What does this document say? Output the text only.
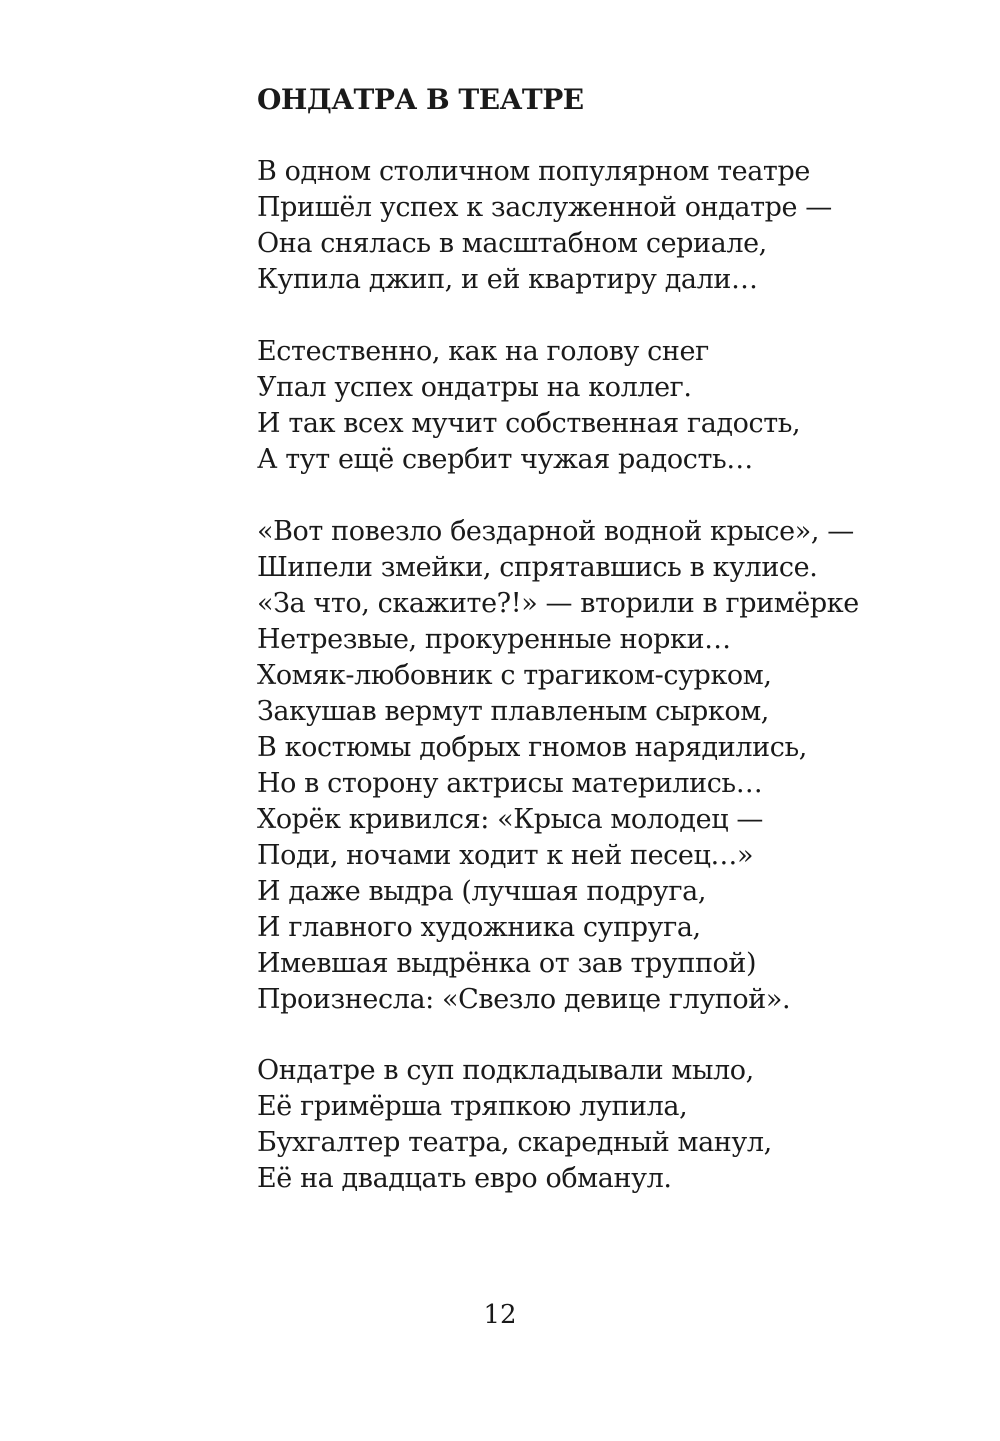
ОНДАТРА В ТЕАТРЕ
В одном столичном популярном театре
Пришёл успех к заслуженной ондатре —
Она снялась в масштабном сериале,
Купила джип, и ей квартиру дали…
Естественно, как на голову снег
Упал успех ондатры на коллег.
И так всех мучит собственная гадость,
А тут ещё свербит чужая радость…
«Вот повезло бездарной водной крысе», —
Шипели змейки, спрятавшись в кулисе.
«За что, скажите?!» — вторили в гримёрке
Нетрезвые, прокуренные норки…
Хомяк-любовник с трагиком-сурком,
Закушав вермут плавленым сырком,
В костюмы добрых гномов нарядились,
Но в сторону актрисы матерились…
Хорёк кривился: «Крыса молодец —
Поди, ночами ходит к ней песец…»
И даже выдра (лучшая подруга,
И главного художника супруга,
Имевшая выдрёнка от зав труппой)
Произнесла: «Свезло девице глупой».
Ондатре в суп подкладывали мыло,
Её гримёрша тряпкою лупила,
Бухгалтер театра, скаредный манул,
Её на двадцать евро обманул.

12
